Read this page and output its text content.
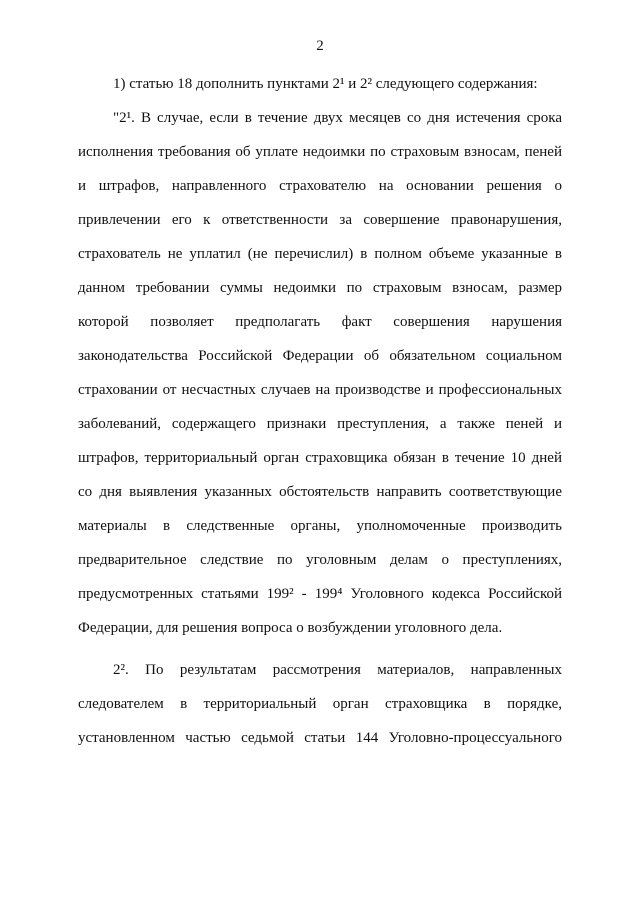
2
1) статью 18 дополнить пунктами 2¹ и 2² следующего содержания:
"2¹. В случае, если в течение двух месяцев со дня истечения срока
исполнения требования об уплате недоимки по страховым взносам, пеней
и штрафов, направленного страхователю на основании решения о
привлечении его к ответственности за совершение правонарушения,
страхователь не уплатил (не перечислил) в полном объеме указанные в
данном требовании суммы недоимки по страховым взносам, размер
которой позволяет предполагать факт совершения нарушения
законодательства Российской Федерации об обязательном социальном
страховании от несчастных случаев на производстве и профессиональных
заболеваний, содержащего признаки преступления, а также пеней и
штрафов, территориальный орган страховщика обязан в течение 10 дней
со дня выявления указанных обстоятельств направить соответствующие
материалы в следственные органы, уполномоченные производить
предварительное следствие по уголовным делам о преступлениях,
предусмотренных статьями 199² - 199⁴ Уголовного кодекса Российской
Федерации, для решения вопроса о возбуждении уголовного дела.
2². По результатам рассмотрения материалов, направленных
следователем в территориальный орган страховщика в порядке,
установленном частью седьмой статьи 144 Уголовно-процессуального
